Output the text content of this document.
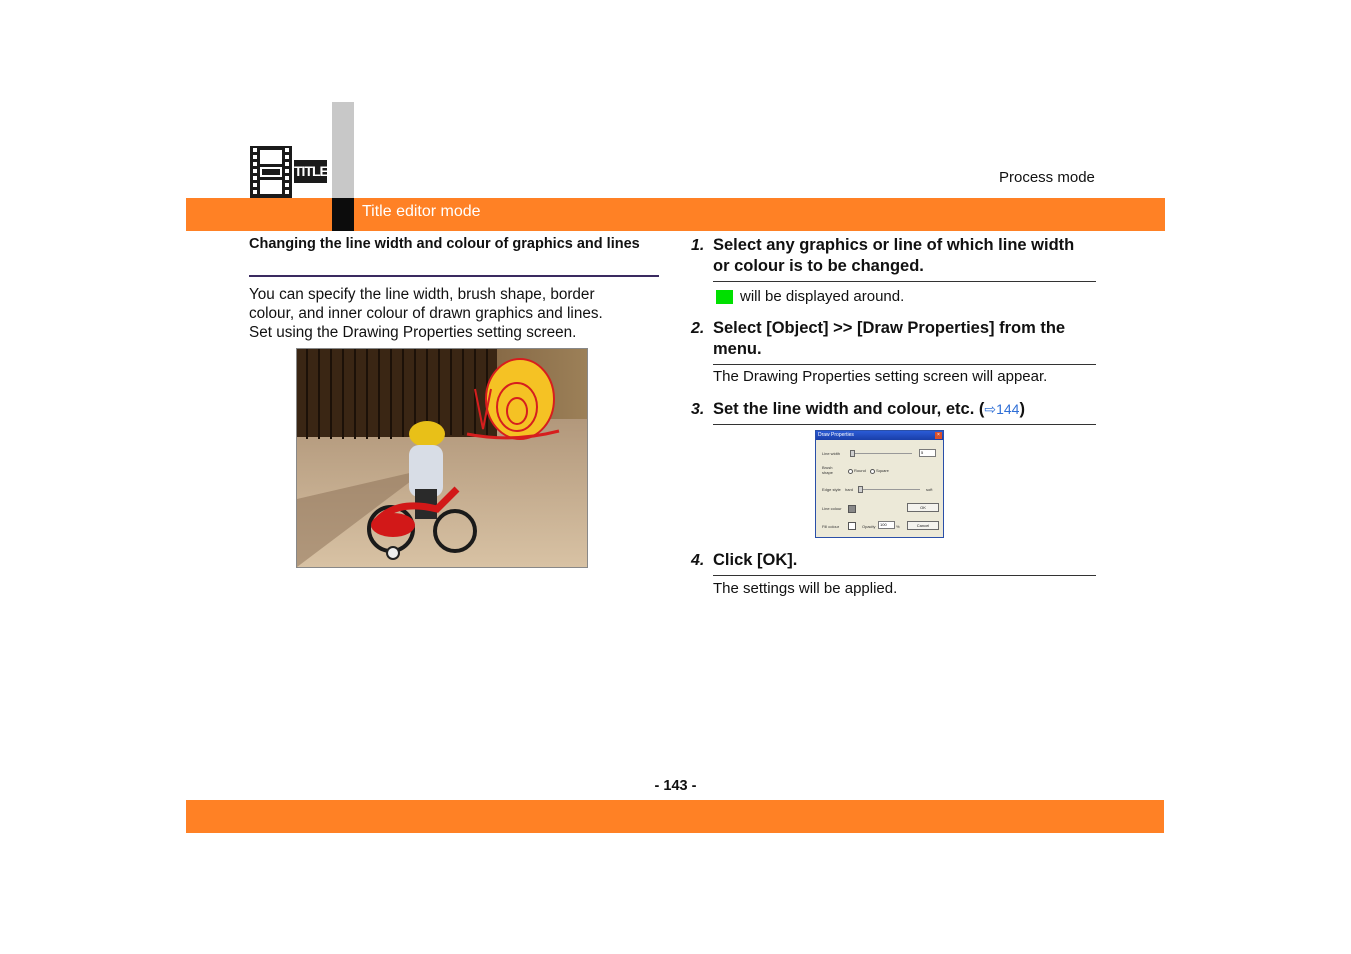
Title editor mode
Process mode
TITLE
Changing the line width and colour of graphics and lines

You can specify the line width, brush shape, border

colour, and inner colour of drawn graphics and lines.

Set using the Drawing Properties setting screen.

1. Select any graphics or line of which line width
or colour is to be changed.
will be displayed around.
2. Select [Object] >> [Draw Properties] from the
menu.
The Drawing Properties setting screen will appear.
3. Set the line width and colour, etc. (⇨144)
Draw Properties	×
Line width	5
Brush
shape	Round	Square
Edge style hard	soft
Line colour	OK
Fill colour	Opacity	100	%	Cancel
4. Click [OK].
The settings will be applied.
- 143 -
